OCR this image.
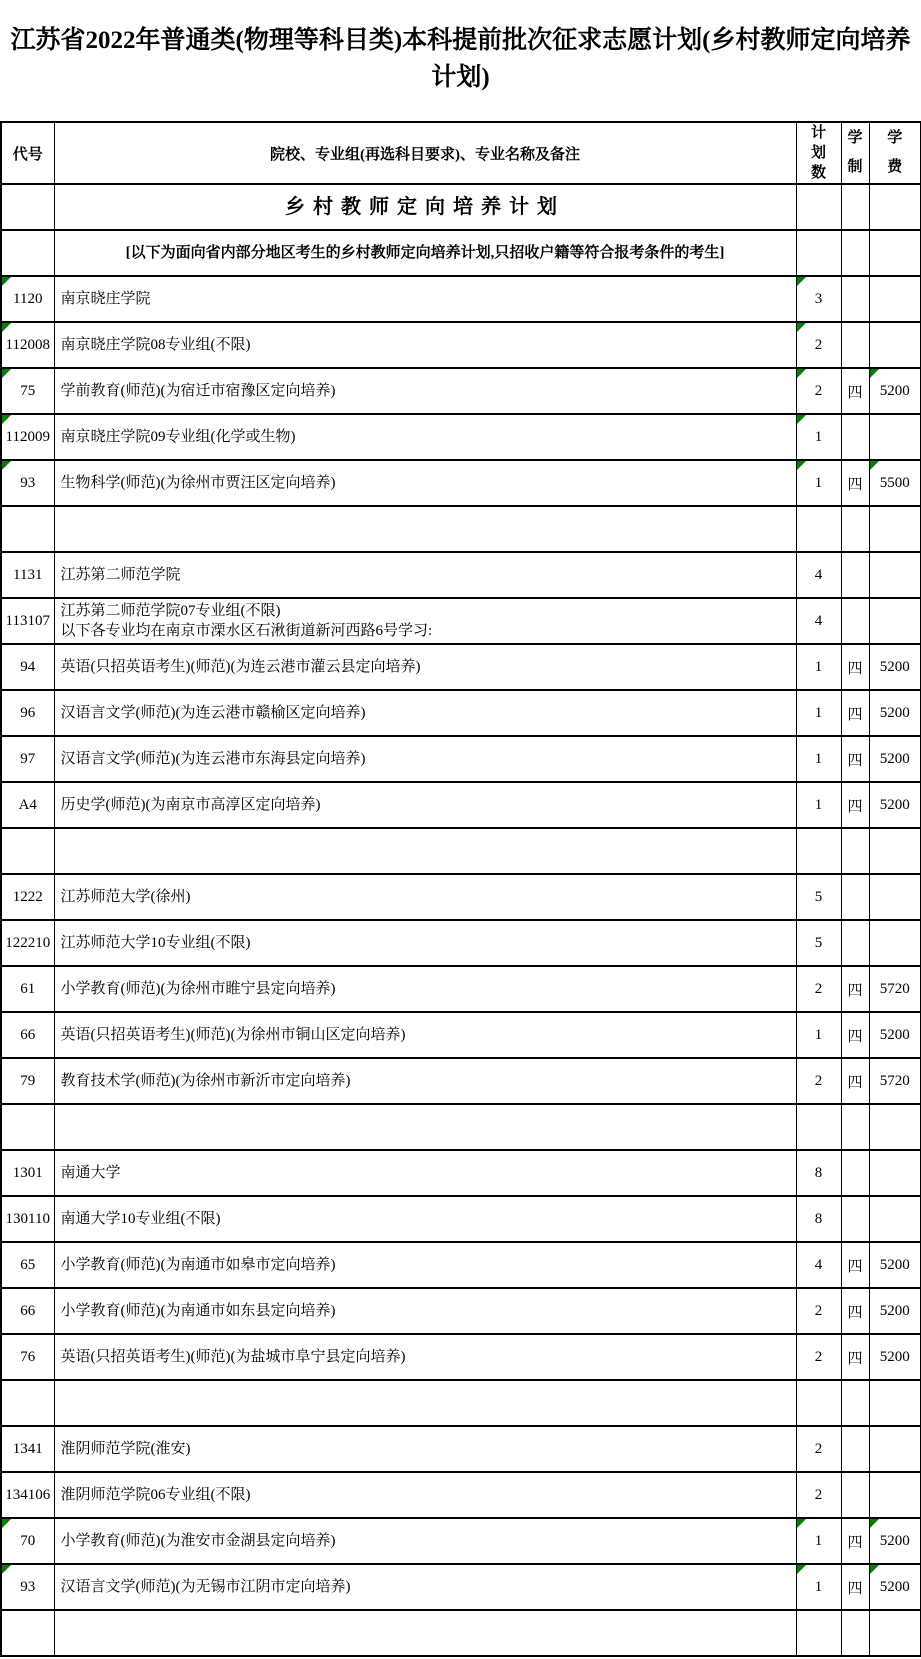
江苏省2022年普通类(物理等科目类)本科提前批次征求志愿计划(乡村教师定向培养计划)
代号	院校、专业组(再选科目要求)、专业名称及备注	计划数	学制	学费

	乡村教师定向培养计划			

	[以下为面向省内部分地区考生的乡村教师定向培养计划,只招收户籍等符合报考条件的考生]			

1120	南京晓庄学院	3		

112008	南京晓庄学院08专业组(不限)	2		

75	学前教育(师范)(为宿迁市宿豫区定向培养)	2	四	5200

112009	南京晓庄学院09专业组(化学或生物)	1		

93	生物科学(师范)(为徐州市贾汪区定向培养)	1	四	5500

1131	江苏第二师范学院	4		
113107	江苏第二师范学院07专业组(不限)
以下各专业均在南京市溧水区石湫街道新河西路6号学习:	4		
94	英语(只招英语考生)(师范)(为连云港市灌云县定向培养)	1	四	5200
96	汉语言文学(师范)(为连云港市赣榆区定向培养)	1	四	5200
97	汉语言文学(师范)(为连云港市东海县定向培养)	1	四	5200
A4	历史学(师范)(为南京市高淳区定向培养)	1	四	5200

1222	江苏师范大学(徐州)	5		
122210	江苏师范大学10专业组(不限)	5		
61	小学教育(师范)(为徐州市睢宁县定向培养)	2	四	5720
66	英语(只招英语考生)(师范)(为徐州市铜山区定向培养)	1	四	5200
79	教育技术学(师范)(为徐州市新沂市定向培养)	2	四	5720

1301	南通大学	8		
130110	南通大学10专业组(不限)	8		
65	小学教育(师范)(为南通市如皋市定向培养)	4	四	5200
66	小学教育(师范)(为南通市如东县定向培养)	2	四	5200
76	英语(只招英语考生)(师范)(为盐城市阜宁县定向培养)	2	四	5200

1341	淮阴师范学院(淮安)	2		
134106	淮阴师范学院06专业组(不限)	2		

70	小学教育(师范)(为淮安市金湖县定向培养)	1	四	5200

93	汉语言文学(师范)(为无锡市江阴市定向培养)	1	四	5200
